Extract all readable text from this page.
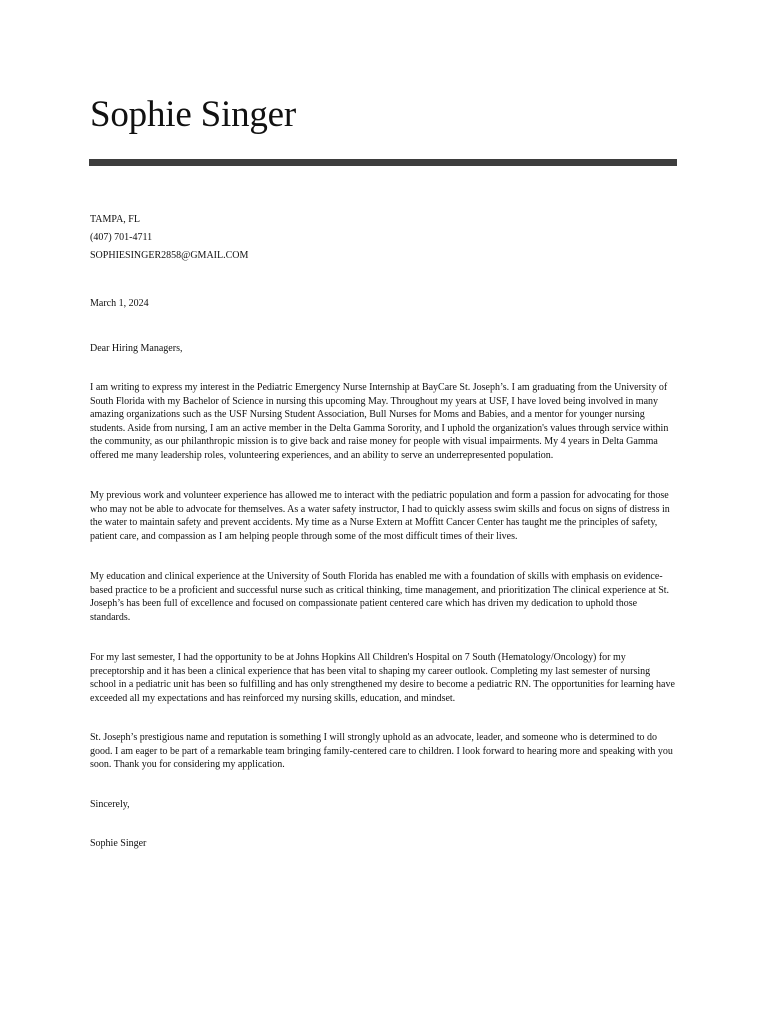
Sophie Singer
TAMPA, FL
(407) 701-4711
SOPHIESINGER2858@GMAIL.COM
March 1, 2024
Dear Hiring Managers,

I am writing to express my interest in the Pediatric Emergency Nurse Internship at BayCare St. Joseph’s. I am graduating from the University of South Florida with my Bachelor of Science in nursing this upcoming May. Throughout my years at USF, I have loved being involved in many amazing organizations such as the USF Nursing Student Association, Bull Nurses for Moms and Babies, and a mentor for younger nursing students. Aside from nursing, I am an active member in the Delta Gamma Sorority, and I uphold the organization's values through service within the community, as our philanthropic mission is to give back and raise money for people with visual impairments. My 4 years in Delta Gamma offered me many leadership roles, volunteering experiences, and an ability to serve an underrepresented population.

My previous work and volunteer experience has allowed me to interact with the pediatric population and form a passion for advocating for those who may not be able to advocate for themselves. As a water safety instructor, I had to quickly assess swim skills and focus on signs of distress in the water to maintain safety and prevent accidents. My time as a Nurse Extern at Moffitt Cancer Center has taught me the principles of safety, patient care, and compassion as I am helping people through some of the most difficult times of their lives.

My education and clinical experience at the University of South Florida has enabled me with a foundation of skills with emphasis on evidence-based practice to be a proficient and successful nurse such as critical thinking, time management, and prioritization The clinical experience at St. Joseph’s has been full of excellence and focused on compassionate patient centered care which has driven my dedication to uphold those standards.

For my last semester, I had the opportunity to be at Johns Hopkins All Children's Hospital on 7 South (Hematology/Oncology) for my preceptorship and it has been a clinical experience that has been vital to shaping my career outlook. Completing my last semester of nursing school in a pediatric unit has been so fulfilling and has only strengthened my desire to become a pediatric RN. The opportunities for learning have exceeded all my expectations and has reinforced my nursing skills, education, and mindset.

St. Joseph’s prestigious name and reputation is something I will strongly uphold as an advocate, leader, and someone who is determined to do good. I am eager to be part of a remarkable team bringing family-centered care to children. I look forward to hearing more and speaking with you soon. Thank you for considering my application.

Sincerely,
Sophie Singer
